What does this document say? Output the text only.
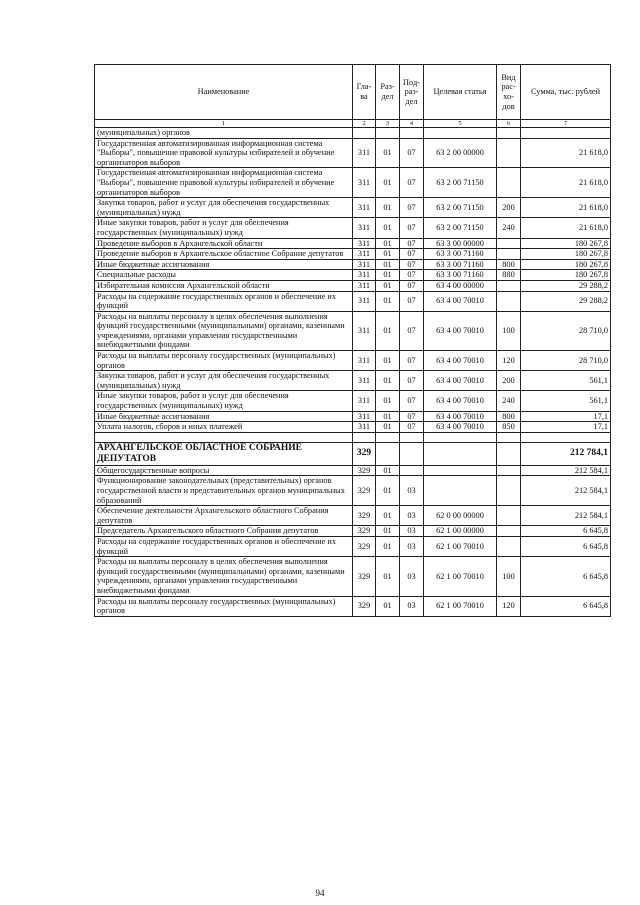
Наименование	Гла-ва	Раз-дел	Под-раз-дел	Целевая статья	Вид рас-хо-дов	Сумма, тыс. рублей
1	2	3	4	5	6	7
(муниципальных) органов						
Государственная автоматизированная информационная система "Выборы", повышение правовой культуры избирателей и обучение организаторов выборов	311	01	07	63 2 00 00000		21 618,0
Государственная автоматизированная информационная система "Выборы", повышение правовой культуры избирателей и обучение организаторов выборов	311	01	07	63 2 00 71150		21 618,0
Закупка товаров, работ и услуг для обеспечения государственных (муниципальных) нужд	311	01	07	63 2 00 71150	200	21 618,0
Иные закупки товаров, работ и услуг для обеспечения государственных (муниципальных) нужд	311	01	07	63 2 00 71150	240	21 618,0
Проведение выборов в Архангельской области	311	01	07	63 3 00 00000		180 267,8
Проведение выборов в Архангельское областное Собрание депутатов	311	01	07	63 3 00 71160		180 267,8
Иные бюджетные ассигнования	311	01	07	63 3 00 71160	800	180 267,8
Специальные расходы	311	01	07	63 3 00 71160	880	180 267,8
Избирательная комиссия Архангельской области	311	01	07	63 4 00 00000		29 288,2
Расходы на содержание государственных органов и обеспечение их функций	311	01	07	63 4 00 70010		29 288,2
Расходы на выплаты персоналу в целях обеспечения выполнения функций государственными (муниципальными) органами, казенными учреждениями, органами управления государственными внебюджетными фондами	311	01	07	63 4 00 70010	100	28 710,0
Расходы на выплаты персоналу государственных (муниципальных) органов	311	01	07	63 4 00 70010	120	28 710,0
Закупка товаров, работ и услуг для обеспечения государственных (муниципальных) нужд	311	01	07	63 4 00 70010	200	561,1
Иные закупки товаров, работ и услуг для обеспечения государственных (муниципальных) нужд	311	01	07	63 4 00 70010	240	561,1
Иные бюджетные ассигнования	311	01	07	63 4 00 70010	800	17,1
Уплата налогов, сборов и иных платежей	311	01	07	63 4 00 70010	850	17,1

АРХАНГЕЛЬСКОЕ ОБЛАСТНОЕ СОБРАНИЕ ДЕПУТАТОВ	329					212 784,1
Общегосударственные вопросы	329	01				212 584,1
Функционирование законодательных (представительных) органов государственной власти и представительных органов муниципальных образований	329	01	03			212 584,1
Обеспечение деятельности Архангельского областного Собрания депутатов	329	01	03	62 0 00 00000		212 584,1
Председатель Архангельского областного Собрания депутатов	329	01	03	62 1 00 00000		6 645,8
Расходы на содержание государственных органов и обеспечение их функций	329	01	03	62 1 00 70010		6 645,8
Расходы на выплаты персоналу в целях обеспечения выполнения функций государственными (муниципальными) органами, казенными учреждениями, органами управления государственными внебюджетными фондами	329	01	03	62 1 00 70010	100	6 645,8
Расходы на выплаты персоналу государственных (муниципальных) органов	329	01	03	62 1 00 70010	120	6 645,8
94
